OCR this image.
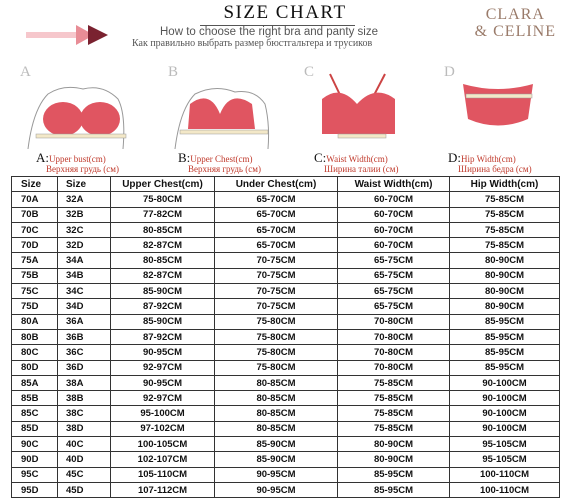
SIZE CHART
How to choose the right bra and panty size
Как правильно выбрать размер бюстгальтера и трусиков
CLARA
& CELINE
A	B	C	D
A:Upper bust(cm)
Верхняя грудь (см)
B:Upper Chest(cm)
Верхняя грудь (см)
C:Waist Width(cm)
Ширина талии (см)
D:Hip Width(cm)
Ширина бедра (см)
Size	Size	Upper Chest(cm)	Under Chest(cm)	Waist Width(cm)	Hip Width(cm)
70A	32A	75-80CM	65-70CM	60-70CM	75-85CM
70B	32B	77-82CM	65-70CM	60-70CM	75-85CM
70C	32C	80-85CM	65-70CM	60-70CM	75-85CM
70D	32D	82-87CM	65-70CM	60-70CM	75-85CM
75A	34A	80-85CM	70-75CM	65-75CM	80-90CM
75B	34B	82-87CM	70-75CM	65-75CM	80-90CM
75C	34C	85-90CM	70-75CM	65-75CM	80-90CM
75D	34D	87-92CM	70-75CM	65-75CM	80-90CM
80A	36A	85-90CM	75-80CM	70-80CM	85-95CM
80B	36B	87-92CM	75-80CM	70-80CM	85-95CM
80C	36C	90-95CM	75-80CM	70-80CM	85-95CM
80D	36D	92-97CM	75-80CM	70-80CM	85-95CM
85A	38A	90-95CM	80-85CM	75-85CM	90-100CM
85B	38B	92-97CM	80-85CM	75-85CM	90-100CM
85C	38C	95-100CM	80-85CM	75-85CM	90-100CM
85D	38D	97-102CM	80-85CM	75-85CM	90-100CM
90C	40C	100-105CM	85-90CM	80-90CM	95-105CM
90D	40D	102-107CM	85-90CM	80-90CM	95-105CM
95C	45C	105-110CM	90-95CM	85-95CM	100-110CM
95D	45D	107-112CM	90-95CM	85-95CM	100-110CM
